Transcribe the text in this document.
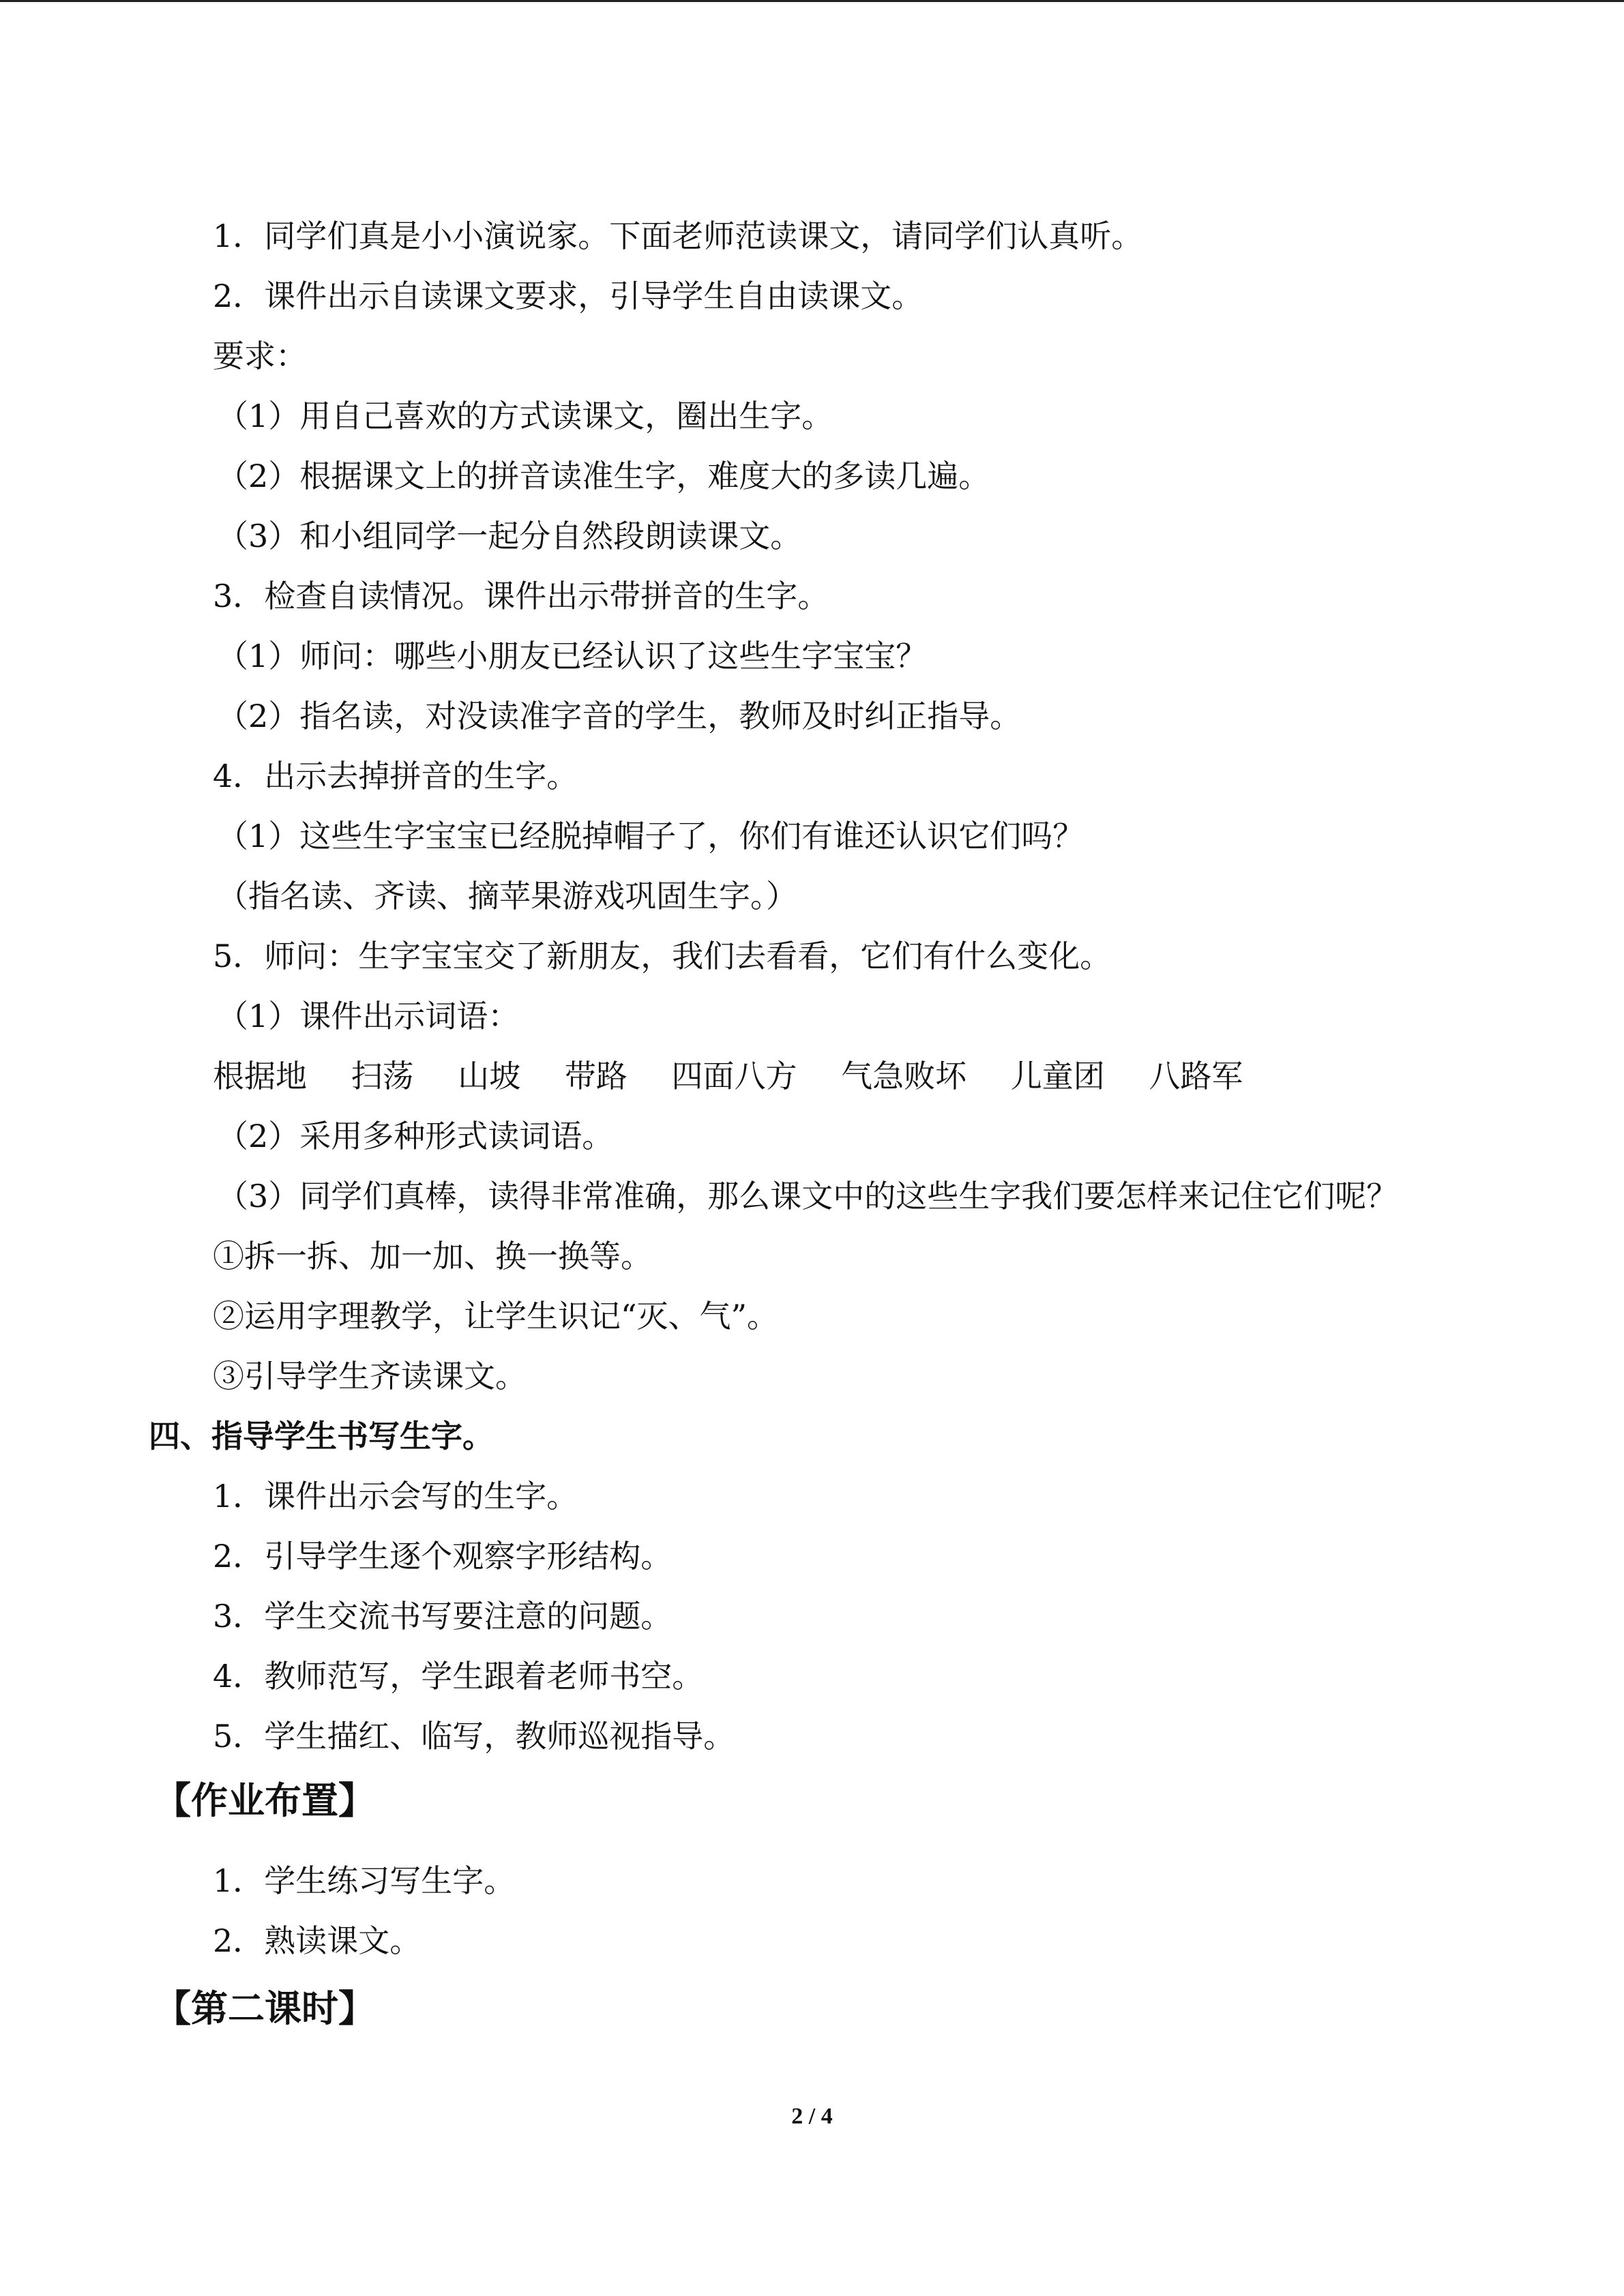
1．同学们真是小小演说家。下面老师范读课文，请同学们认真听。
2．课件出示自读课文要求，引导学生自由读课文。
要求：
（1）用自己喜欢的方式读课文，圈出生字。
（2）根据课文上的拼音读准生字，难度大的多读几遍。
（3）和小组同学一起分自然段朗读课文。
3．检查自读情况。课件出示带拼音的生字。
（1）师问：哪些小朋友已经认识了这些生字宝宝？
（2）指名读，对没读准字音的学生，教师及时纠正指导。
4．出示去掉拼音的生字。
（1）这些生字宝宝已经脱掉帽子了，你们有谁还认识它们吗？
（指名读、齐读、摘苹果游戏巩固生字。）
5．师问：生字宝宝交了新朋友，我们去看看，它们有什么变化。
（1）课件出示词语：
根据地 扫荡 山坡 带路 四面八方 气急败坏 儿童团 八路军
（2）采用多种形式读词语。
（3）同学们真棒，读得非常准确，那么课文中的这些生字我们要怎样来记住它们呢？
①拆一拆、加一加、换一换等。
②运用字理教学，让学生识记“灭、气”。
③引导学生齐读课文。
四、指导学生书写生字。
1．课件出示会写的生字。
2．引导学生逐个观察字形结构。
3．学生交流书写要注意的问题。
4．教师范写，学生跟着老师书空。
5．学生描红、临写，教师巡视指导。
【作业布置】
1．学生练习写生字。
2．熟读课文。
【第二课时】
2 / 4
